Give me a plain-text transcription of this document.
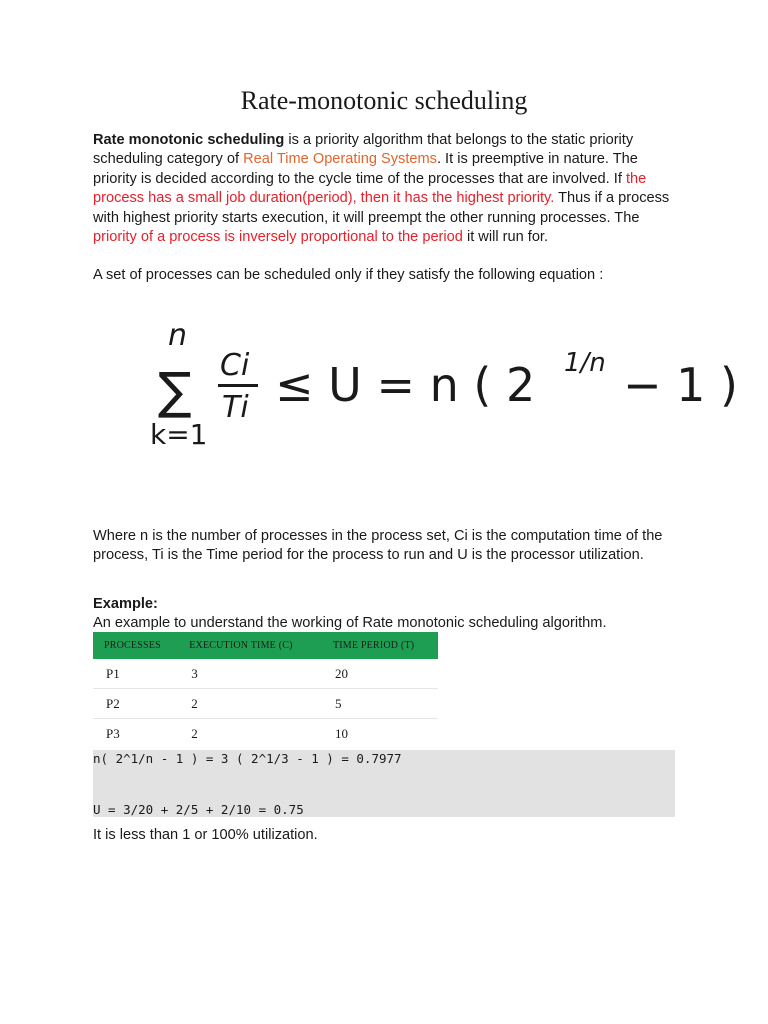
Rate-monotonic scheduling

Rate monotonic scheduling is a priority algorithm that belongs to the static priority scheduling category of Real Time Operating Systems. It is preemptive in nature. The priority is decided according to the cycle time of the processes that are involved. If the process has a small job duration(period), then it has the highest priority. Thus if a process with highest priority starts execution, it will preempt the other running processes. The priority of a process is inversely proportional to the period it will run for.

A set of processes can be scheduled only if they satisfy the following equation :

n
∑
k=1
Ci
Ti ≤ U = n ( 2 1/n − 1 )

Where n is the number of processes in the process set, Ci is the computation time of the process, Ti is the Time period for the process to run and U is the processor utilization.

Example:
An example to understand the working of Rate monotonic scheduling algorithm.

PROCESSES	EXECUTION TIME (C)	TIME PERIOD (T)
P1	3	20
P2	2	5
P3	2	10
n( 2^1/n - 1 ) = 3 ( 2^1/3 - 1 ) = 0.7977
U = 3/20 + 2/5 + 2/10 = 0.75

It is less than 1 or 100% utilization.
